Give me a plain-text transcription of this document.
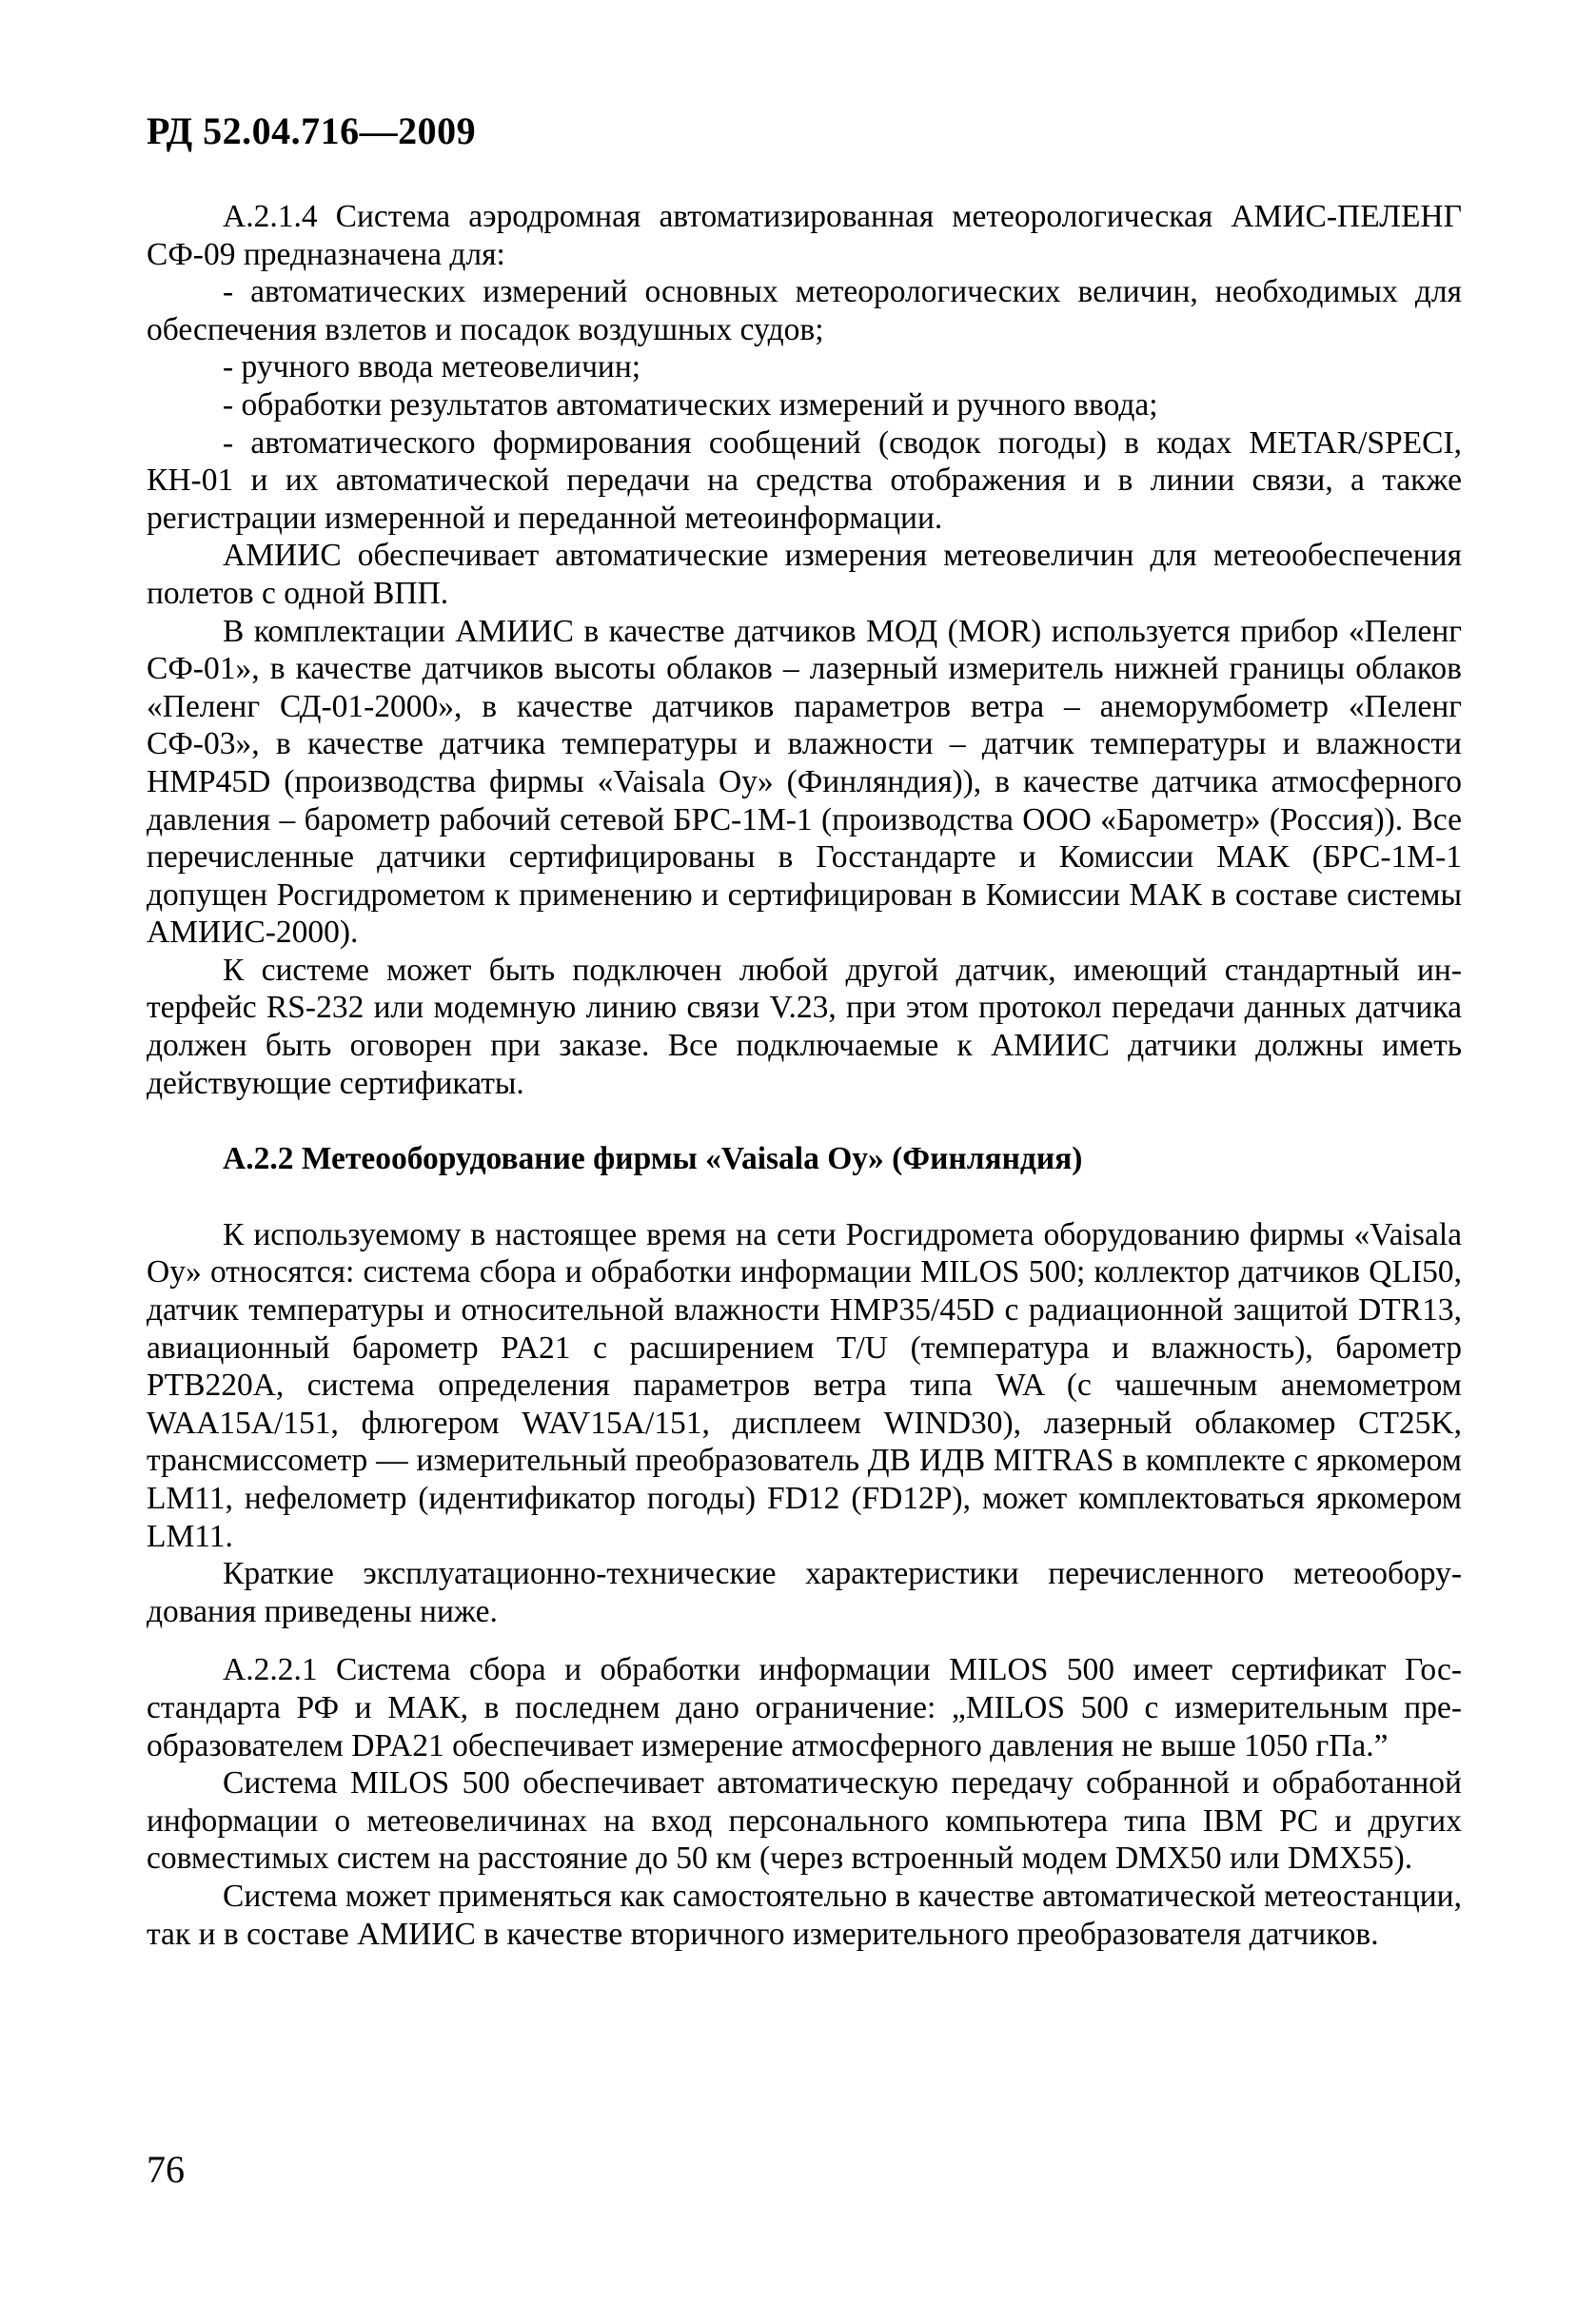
РД 52.04.716—2009

А.2.1.4 Система аэродромная автоматизированная метеорологическая АМИС-ПЕЛЕНГ СФ-09 предназначена для:

- автоматических измерений основных метеорологических величин, необходимых для обеспечения взлетов и посадок воздушных судов;

- ручного ввода метеовеличин;

- обработки результатов автоматических измерений и ручного ввода;

- автоматического формирования сообщений (сводок погоды) в кодах METAR/SPECI, КН-01 и их автоматической передачи на средства отображения и в линии связи, а также регистрации измеренной и переданной метеоинформации.

АМИИС обеспечивает автоматические измерения метеовеличин для метеообеспечения полетов с одной ВПП.

В комплектации АМИИС в качестве датчиков МОД (MOR) используется прибор «Пеленг СФ-01», в качестве датчиков высоты облаков – лазерный измеритель нижней границы облаков «Пеленг СД-01-2000», в качестве датчиков параметров ветра – анеморумбометр «Пеленг СФ-03», в качестве датчика температуры и влажности – датчик температуры и влажности НМР45D (производства фирмы «Vaisala Oy» (Финляндия)), в качестве датчика атмосферного давления – барометр рабочий сетевой БРС-1М-1 (производства ООО «Барометр» (Россия)). Все перечисленные датчики сертифицированы в Госстандарте и Комиссии МАК (БРС-1М-1 допущен Росгидрометом к применению и сертифицирован в Комиссии МАК в составе системы АМИИС-2000).

К системе может быть подключен любой другой датчик, имеющий стандартный интерфейс RS-232 или модемную линию связи V.23, при этом протокол передачи данных датчика должен быть оговорен при заказе. Все подключаемые к АМИИС датчики должны иметь действующие сертификаты.

А.2.2 Метеооборудование фирмы «Vaisala Oy» (Финляндия)

К используемому в настоящее время на сети Росгидромета оборудованию фирмы «Vaisala Oy» относятся: система сбора и обработки информации MILOS 500; коллектор датчиков QLI50, датчик температуры и относительной влажности HMP35/45D с радиационной защитой DTR13, авиационный барометр PA21 с расширением T/U (температура и влажность), барометр PTB220A, система определения параметров ветра типа WA (с чашечным анемометром WAA15A/151, флюгером WAV15A/151, дисплеем WIND30), лазерный облакомер CT25K, трансмиссометр — измерительный преобразователь ДВ ИДВ MITRAS в комплекте с яркомером LM11, нефелометр (идентификатор погоды) FD12 (FD12P), может комплектоваться яркомером LM11.

Краткие эксплуатационно-технические характеристики перечисленного метеооборудования приведены ниже.

А.2.2.1 Система сбора и обработки информации MILOS 500 имеет сертификат Госстандарта РФ и МАК, в последнем дано ограничение: „MILOS 500 с измерительным преобразователем DPA21 обеспечивает измерение атмосферного давления не выше 1050 гПа.”

Система MILOS 500 обеспечивает автоматическую передачу собранной и обработанной информации о метеовеличинах на вход персонального компьютера типа IBM PC и других совместимых систем на расстояние до 50 км (через встроенный модем DMX50 или DMX55).

Система может применяться как самостоятельно в качестве автоматической метеостанции, так и в составе АМИИС в качестве вторичного измерительного преобразователя датчиков.

76
